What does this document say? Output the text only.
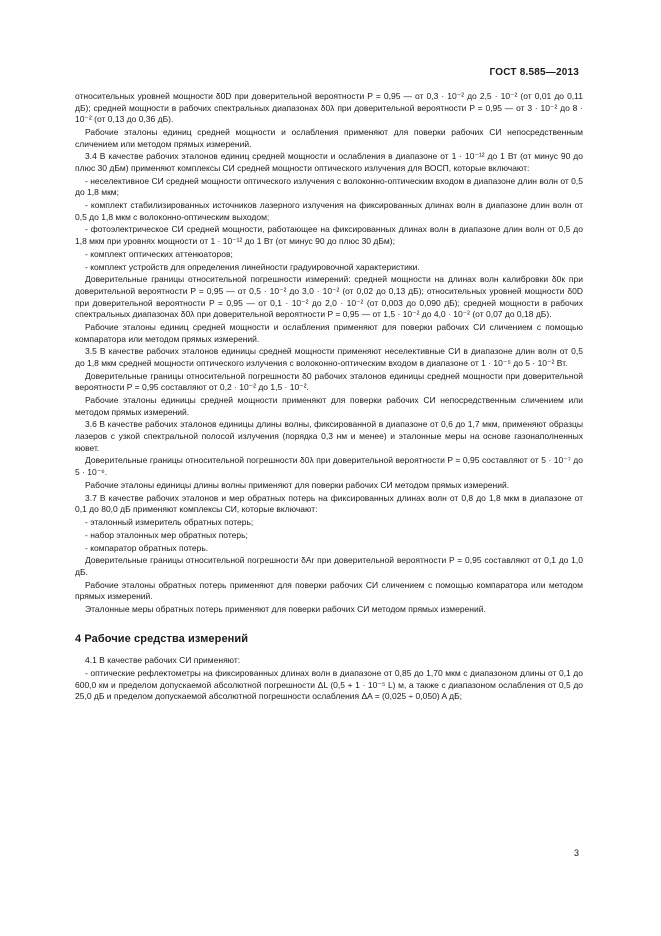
ГОСТ 8.585—2013

относительных уровней мощности δ0D при доверительной вероятности P = 0,95 — от 0,3 · 10⁻² до 2,5 · 10⁻² (от 0,01 до 0,11 дБ); средней мощности в рабочих спектральных диапазонах δ0λ при доверительной вероятности P = 0,95 — от 3 · 10⁻² до 8 · 10⁻² (от 0,13 до 0,36 дБ).

Рабочие эталоны единиц средней мощности и ослабления применяют для поверки рабочих СИ непосредственным сличением или методом прямых измерений.

3.4 В качестве рабочих эталонов единиц средней мощности и ослабления в диапазоне от 1 · 10⁻¹² до 1 Вт (от минус 90 до плюс 30 дБм) применяют комплексы СИ средней мощности оптического излучения для ВОСП, которые включают:

- неселективное СИ средней мощности оптического излучения с волоконно-оптическим входом в диапазоне длин волн от 0,5 до 1,8 мкм;

- комплект стабилизированных источников лазерного излучения на фиксированных длинах волн в диапазоне длин волн от 0,5 до 1,8 мкм с волоконно-оптическим выходом;

- фотоэлектрическое СИ средней мощности, работающее на фиксированных длинах волн в диапазоне длин волн от 0,5 до 1,8 мкм при уровнях мощности от 1 · 10⁻¹² до 1 Вт (от минус 90 до плюс 30 дБм);

- комплект оптических аттенюаторов;

- комплект устройств для определения линейности градуировочной характеристики.

Доверительные границы относительной погрешности измерений: средней мощности на длинах волн калибровки δ0к при доверительной вероятности P = 0,95 — от 0,5 · 10⁻² до 3,0 · 10⁻² (от 0,02 до 0,13 дБ); относительных уровней мощности δ0D при доверительной вероятности P = 0,95 — от 0,1 · 10⁻² до 2,0 · 10⁻² (от 0,003 до 0,090 дБ); средней мощности в рабочих спектральных диапазонах δ0λ при доверительной вероятности P = 0,95 — от 1,5 · 10⁻² до 4,0 · 10⁻² (от 0,07 до 0,18 дБ).

Рабочие эталоны единиц средней мощности и ослабления применяют для поверки рабочих СИ сличением с помощью компаратора или методом прямых измерений.

3.5 В качестве рабочих эталонов единицы средней мощности применяют неселективные СИ в диапазоне длин волн от 0,5 до 1,8 мкм средней мощности оптического излучения с волоконно-оптическим входом в диапазоне от 1 · 10⁻⁵ до 5 · 10⁻² Вт.

Доверительные границы относительной погрешности δ0 рабочих эталонов единицы средней мощности при доверительной вероятности P = 0,95 составляют от 0,2 · 10⁻² до 1,5 · 10⁻².

Рабочие эталоны единицы средней мощности применяют для поверки рабочих СИ непосредственным сличением или методом прямых измерений.

3.6 В качестве рабочих эталонов единицы длины волны, фиксированной в диапазоне от 0,6 до 1,7 мкм, применяют образцы лазеров с узкой спектральной полосой излучения (порядка 0,3 нм и менее) и эталонные меры на основе газонаполненных кювет.

Доверительные границы относительной погрешности δ0λ при доверительной вероятности P = 0,95 составляют от 5 · 10⁻⁷ до 5 · 10⁻⁶.

Рабочие эталоны единицы длины волны применяют для поверки рабочих СИ методом прямых измерений.

3.7 В качестве рабочих эталонов и мер обратных потерь на фиксированных длинах волн от 0,8 до 1,8 мкм в диапазоне от 0,1 до 80,0 дБ применяют комплексы СИ, которые включают:

- эталонный измеритель обратных потерь;

- набор эталонных мер обратных потерь;

- компаратор обратных потерь.

Доверительные границы относительной погрешности δAr при доверительной вероятности P = 0,95 составляют от 0,1 до 1,0 дБ.

Рабочие эталоны обратных потерь применяют для поверки рабочих СИ сличением с помощью компаратора или методом прямых измерений.

Эталонные меры обратных потерь применяют для поверки рабочих СИ методом прямых измерений.

4 Рабочие средства измерений

4.1 В качестве рабочих СИ применяют:

- оптические рефлектометры на фиксированных длинах волн в диапазоне от 0,85 до 1,70 мкм с диапазоном длины от 0,1 до 600,0 км и пределом допускаемой абсолютной погрешности ΔL (0,5 + 1 · 10⁻⁵ L) м, а также с диапазоном ослабления от 0,5 до 25,0 дБ и пределом допускаемой абсолютной погрешности ослабления ΔA = (0,025 ÷ 0,050) A дБ;

3
